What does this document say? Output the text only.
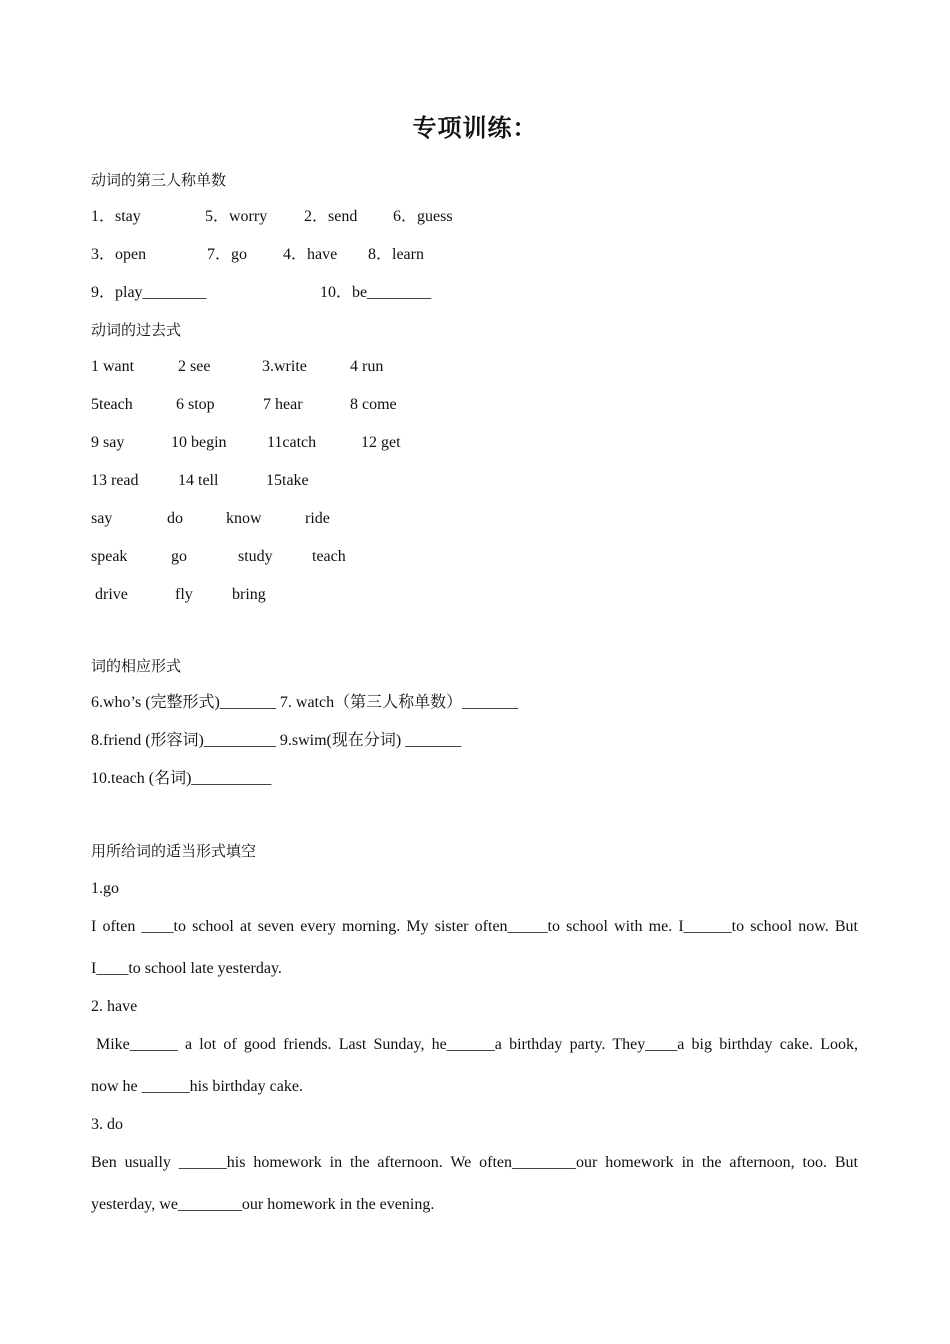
专项训练：
动词的第三人称单数
1．stay	5．worry 2．send 6．guess
3．open	7．go 4．have 8．learn
9．play________	10．be________
动词的过去式
1 want	2 see	3.write	4 run
5teach	6 stop	7 hear	8 come
9 say	10 begin	11catch	12 get
13 read 14 tell	15take
say	do	know	ride
speak	go	study teach
drive	fly bring
词的相应形式
6.who’s (完整形式)_______ 7. watch（第三人称单数）_______
8.friend (形容词)_________ 9.swim(现在分词) _______
10.teach (名词)__________
用所给词的适当形式填空
1.go
I often ____to school at seven every morning. My sister often_____to school with me. I______to school now. But
I____to school late yesterday.
2. have
Mike______ a lot of good friends. Last Sunday, he______a birthday party. They____a big birthday cake. Look,
now he ______his birthday cake.
3. do
Ben usually ______his homework in the afternoon. We often________our homework in the afternoon, too. But
yesterday, we________our homework in the evening.
